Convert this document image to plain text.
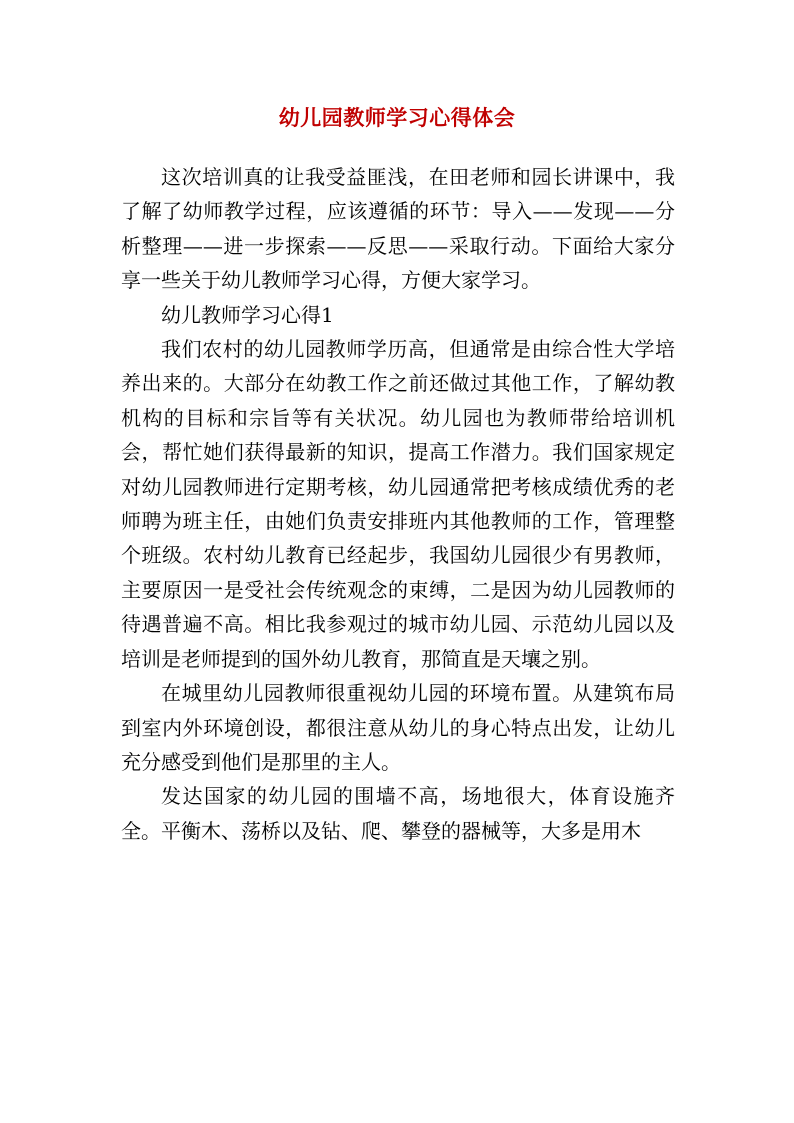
幼儿园教师学习心得体会

这次培训真的让我受益匪浅，在田老师和园长讲课中，我了解了幼师教学过程，应该遵循的环节：导入——发现——分析整理——进一步探索——反思——采取行动。下面给大家分享一些关于幼儿教师学习心得，方便大家学习。

幼儿教师学习心得1

我们农村的幼儿园教师学历高，但通常是由综合性大学培养出来的。大部分在幼教工作之前还做过其他工作，了解幼教机构的目标和宗旨等有关状况。幼儿园也为教师带给培训机会，帮忙她们获得最新的知识，提高工作潜力。我们国家规定对幼儿园教师进行定期考核，幼儿园通常把考核成绩优秀的老师聘为班主任，由她们负责安排班内其他教师的工作，管理整个班级。农村幼儿教育已经起步，我国幼儿园很少有男教师，主要原因一是受社会传统观念的束缚，二是因为幼儿园教师的待遇普遍不高。相比我参观过的城市幼儿园、示范幼儿园以及培训是老师提到的国外幼儿教育，那简直是天壤之别。

在城里幼儿园教师很重视幼儿园的环境布置。从建筑布局到室内外环境创设，都很注意从幼儿的身心特点出发，让幼儿充分感受到他们是那里的主人。

发达国家的幼儿园的围墙不高，场地很大，体育设施齐全。平衡木、荡桥以及钻、爬、攀登的器械等，大多是用木
